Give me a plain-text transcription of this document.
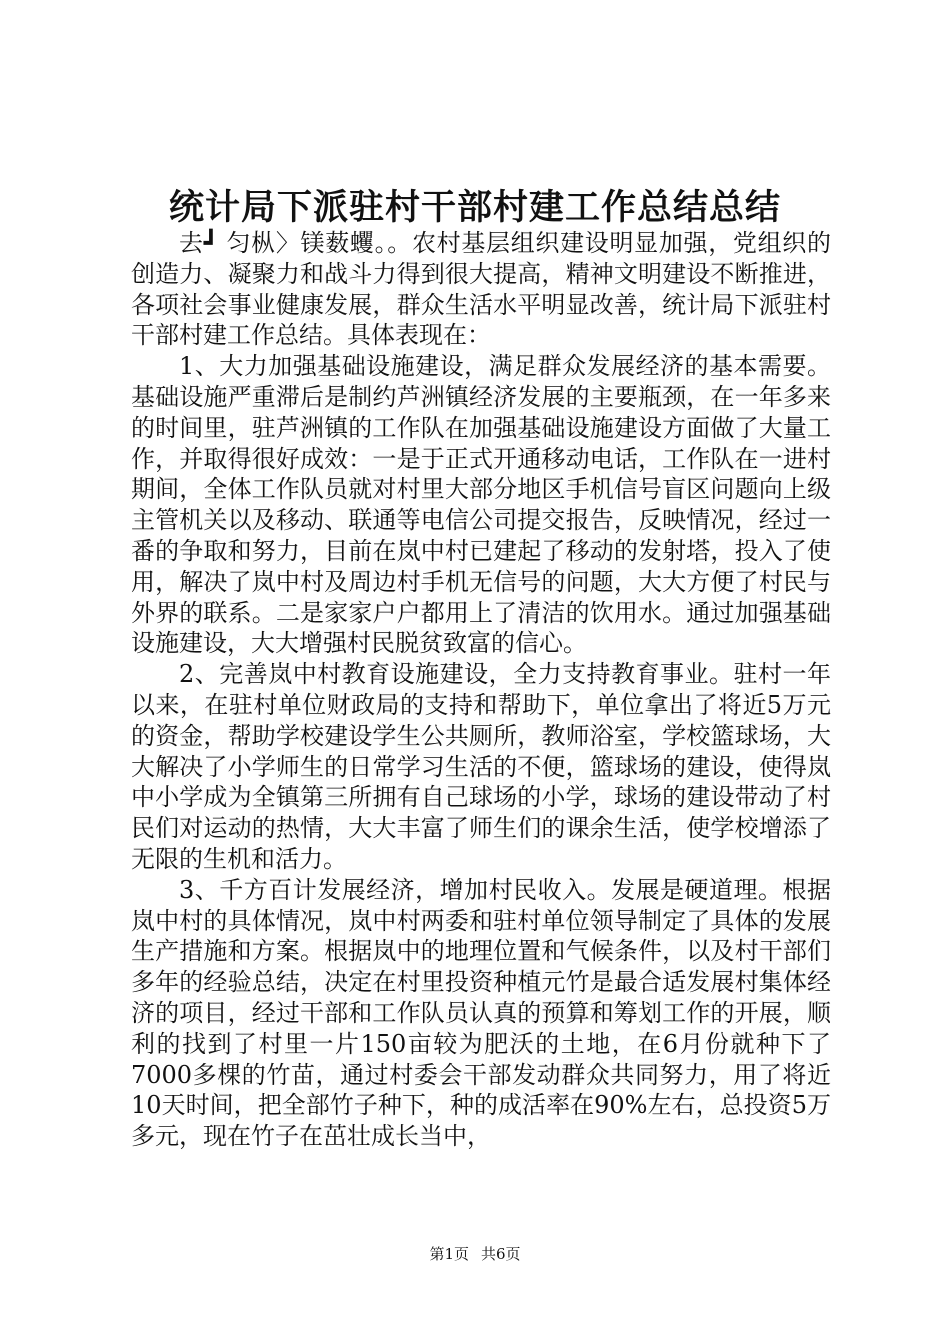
统计局下派驻村干部村建工作总结总结

去┛ 匀枞〉镁薮蠼。。农村基层组织建设明显加强，党组织的创造力、凝聚力和战斗力得到很大提高，精神文明建设不断推进，各项社会事业健康发展，群众生活水平明显改善，统计局下派驻村干部村建工作总结。具体表现在：

1、大力加强基础设施建设，满足群众发展经济的基本需要。基础设施严重滞后是制约芦洲镇经济发展的主要瓶颈，在一年多来的时间里，驻芦洲镇的工作队在加强基础设施建设方面做了大量工作，并取得很好成效：一是于正式开通移动电话，工作队在一进村期间，全体工作队员就对村里大部分地区手机信号盲区问题向上级主管机关以及移动、联通等电信公司提交报告，反映情况，经过一番的争取和努力，目前在岚中村已建起了移动的发射塔，投入了使用，解决了岚中村及周边村手机无信号的问题，大大方便了村民与外界的联系。二是家家户户都用上了清洁的饮用水。通过加强基础设施建设，大大增强村民脱贫致富的信心。

2、完善岚中村教育设施建设，全力支持教育事业。驻村一年以来，在驻村单位财政局的支持和帮助下，单位拿出了将近5万元的资金，帮助学校建设学生公共厕所，教师浴室，学校篮球场，大大解决了小学师生的日常学习生活的不便，篮球场的建设，使得岚中小学成为全镇第三所拥有自己球场的小学，球场的建设带动了村民们对运动的热情，大大丰富了师生们的课余生活，使学校增添了无限的生机和活力。

3、千方百计发展经济，增加村民收入。发展是硬道理。根据岚中村的具体情况，岚中村两委和驻村单位领导制定了具体的发展生产措施和方案。根据岚中的地理位置和气候条件，以及村干部们多年的经验总结，决定在村里投资种植元竹是最合适发展村集体经济的项目，经过干部和工作队员认真的预算和筹划工作的开展，顺利的找到了村里一片150亩较为肥沃的土地，在6月份就种下了7000多棵的竹苗，通过村委会干部发动群众共同努力，用了将近10天时间，把全部竹子种下，种的成活率在90%左右，总投资5万多元，现在竹子在茁壮成长当中，

第1页 共6页
